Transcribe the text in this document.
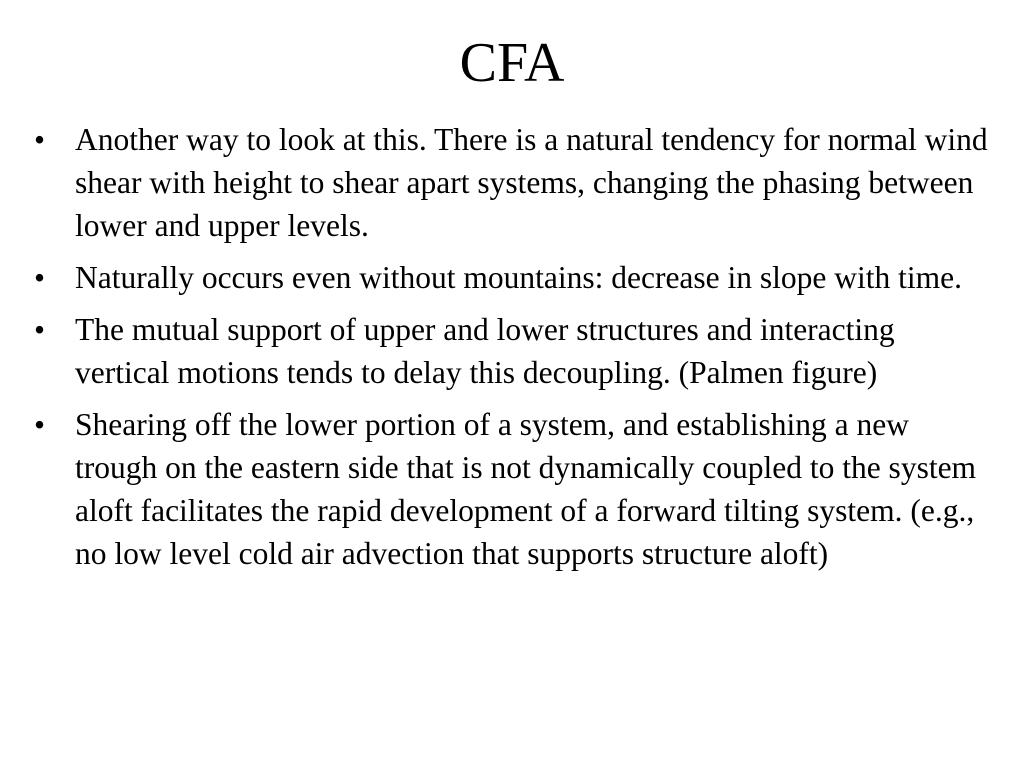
CFA
• Another way to look at this. There is a natural tendency for normal wind shear with height to shear apart systems, changing the phasing between lower and upper levels.
• Naturally occurs even without mountains: decrease in slope with time.
• The mutual support of upper and lower structures and interacting vertical motions tends to delay this decoupling. (Palmen figure)
• Shearing off the lower portion of a system, and establishing a new trough on the eastern side that is not dynamically coupled to the system aloft facilitates the rapid development of a forward tilting system. (e.g., no low level cold air advection that supports structure aloft)
